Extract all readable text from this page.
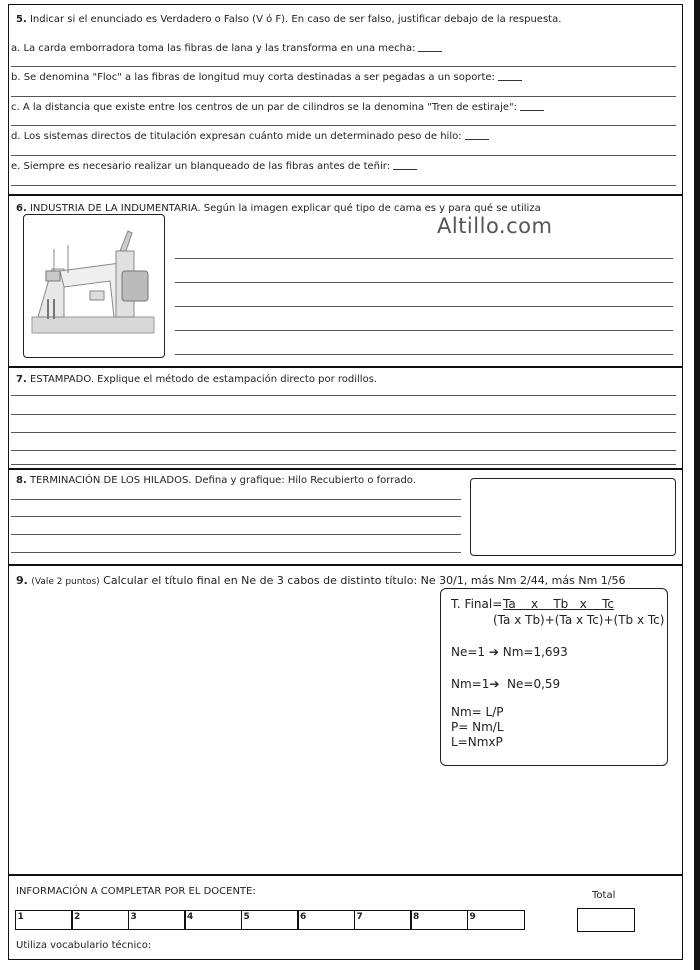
5. Indicar si el enunciado es Verdadero o Falso (V ó F). En caso de ser falso, justificar debajo de la respuesta.
a. La carda emborradora toma las fibras de lana y las transforma en una mecha:
b. Se denomina "Floc" a las fibras de longitud muy corta destinadas a ser pegadas a un soporte:
c. A la distancia que existe entre los centros de un par de cilindros se la denomina "Tren de estiraje":
d. Los sistemas directos de titulación expresan cuánto mide un determinado peso de hilo:
e. Siempre es necesario realizar un blanqueado de las fibras antes de teñir:
6. INDUSTRIA DE LA INDUMENTARIA. Según la imagen explicar qué tipo de cama es y para qué se utiliza
Altillo.com
7. ESTAMPADO. Explique el método de estampación directo por rodillos.
8. TERMINACIÓN DE LOS HILADOS. Defina y grafique: Hilo Recubierto o forrado.
9. (Vale 2 puntos) Calcular el título final en Ne de 3 cabos de distinto título: Ne 30/1, más Nm 2/44, más Nm 1/56
T. Final= Ta    x    Tb   x    Tc
(Ta x Tb)+(Ta x Tc)+(Tb x Tc)
Ne=1 ➔ Nm=1,693
Nm=1➔  Ne=0,59
Nm= L/P
P= Nm/L
L=NmxP
INFORMACIÓN A COMPLETAR POR EL DOCENTE:	Total
1	2	3	4	5	6	7	8	9
Utiliza vocabulario técnico:
